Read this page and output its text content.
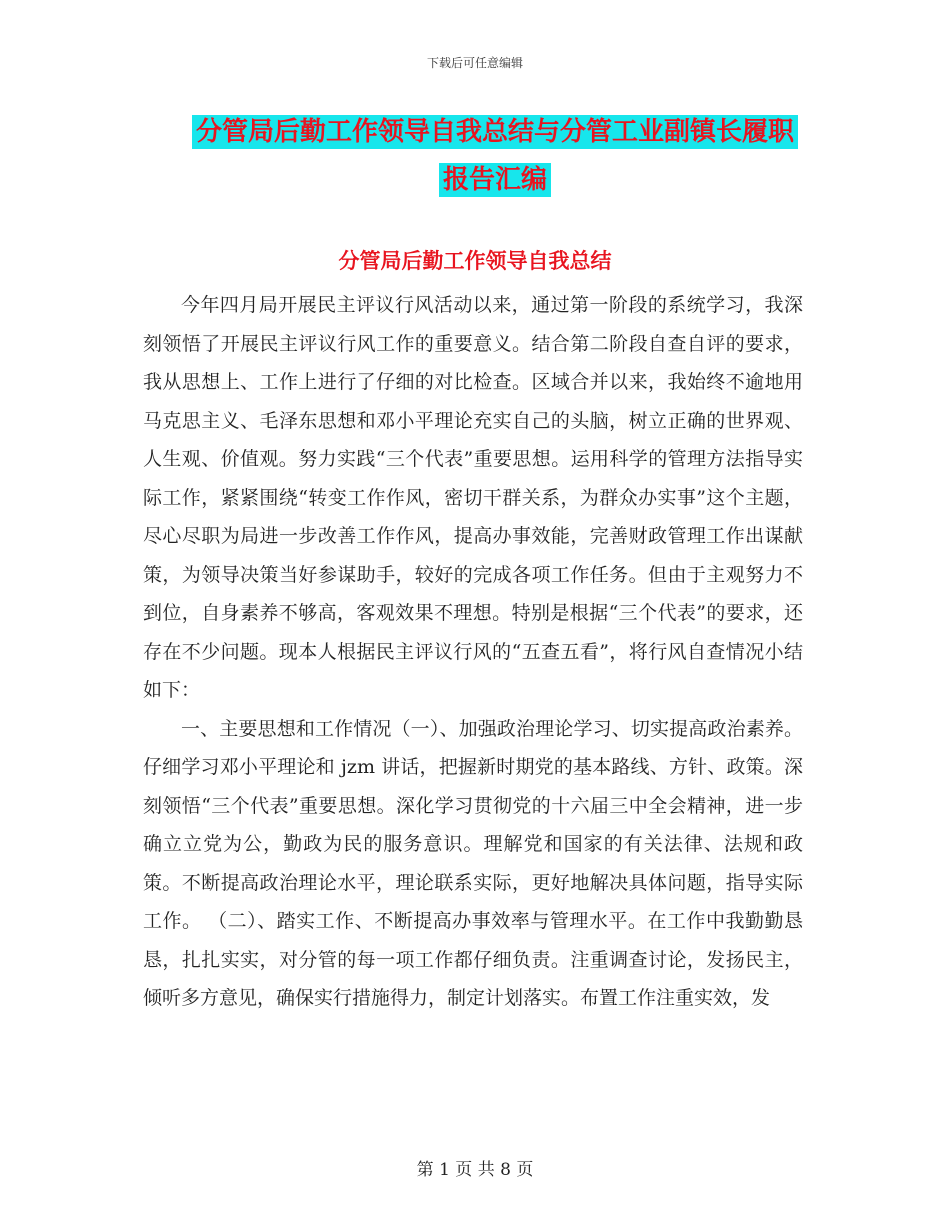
下载后可任意编辑
分管局后勤工作领导自我总结与分管工业副镇长履职
报告汇编
分管局后勤工作领导自我总结

今年四月局开展民主评议行风活动以来，通过第一阶段的系统学习，我深刻领悟了开展民主评议行风工作的重要意义。结合第二阶段自查自评的要求，我从思想上、工作上进行了仔细的对比检查。区域合并以来，我始终不逾地用马克思主义、毛泽东思想和邓小平理论充实自己的头脑，树立正确的世界观、人生观、价值观。努力实践“三个代表”重要思想。运用科学的管理方法指导实际工作，紧紧围绕“转变工作作风，密切干群关系，为群众办实事”这个主题，尽心尽职为局进一步改善工作作风，提高办事效能，完善财政管理工作出谋献策，为领导决策当好参谋助手，较好的完成各项工作任务。但由于主观努力不到位，自身素养不够高，客观效果不理想。特别是根据“三个代表”的要求，还存在不少问题。现本人根据民主评议行风的“五查五看”，将行风自查情况小结如下：

一、主要思想和工作情况（一）、加强政治理论学习、切实提高政治素养。仔细学习邓小平理论和 jzm 讲话，把握新时期党的基本路线、方针、政策。深刻领悟“三个代表”重要思想。深化学习贯彻党的十六届三中全会精神，进一步确立立党为公，勤政为民的服务意识。理解党和国家的有关法律、法规和政策。不断提高政治理论水平，理论联系实际，更好地解决具体问题，指导实际工作。 （二）、踏实工作、不断提高办事效率与管理水平。在工作中我勤勤恳恳，扎扎实实，对分管的每一项工作都仔细负责。注重调查讨论，发扬民主，倾听多方意见，确保实行措施得力，制定计划落实。布置工作注重实效，发

第 1 页 共 8 页
